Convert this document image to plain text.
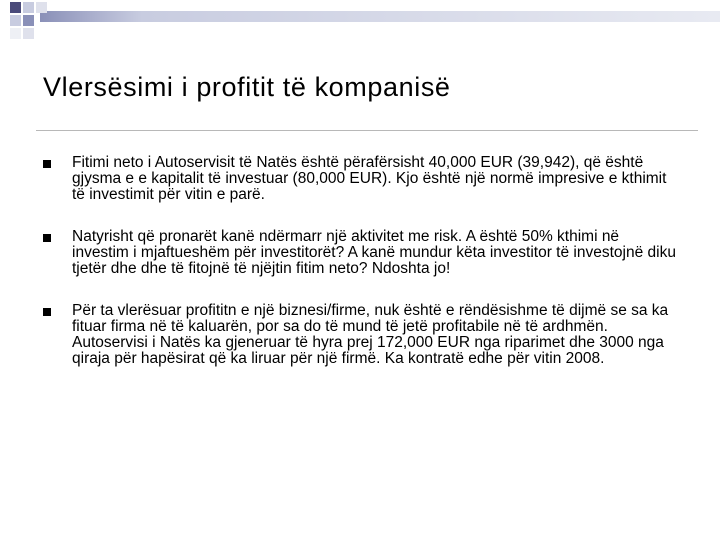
Vlersësimi i profitit të kompanisë
Fitimi neto i Autoservisit të Natës është përafërsisht 40,000 EUR (39,942), që është gjysma e e kapitalit të investuar (80,000 EUR). Kjo është një normë impresive e kthimit të investimit për vitin e parë.
Natyrisht që pronarët kanë ndërmarr një aktivitet me risk. A është 50% kthimi në investim i mjaftueshëm për investitorët? A kanë mundur këta investitor të investojnë diku tjetër dhe dhe të fitojnë të njëjtin fitim neto? Ndoshta jo!
Për ta vlerësuar profititn e një biznesi/firme, nuk është e rëndësishme të dijmë se sa ka fituar firma në të kaluarën, por sa do të mund të jetë profitabile në të ardhmën. Autoservisi i Natës ka gjeneruar të hyra prej 172,000 EUR nga riparimet dhe 3000 nga qiraja për hapësirat që ka liruar për një firmë. Ka kontratë edhe për vitin 2008.
